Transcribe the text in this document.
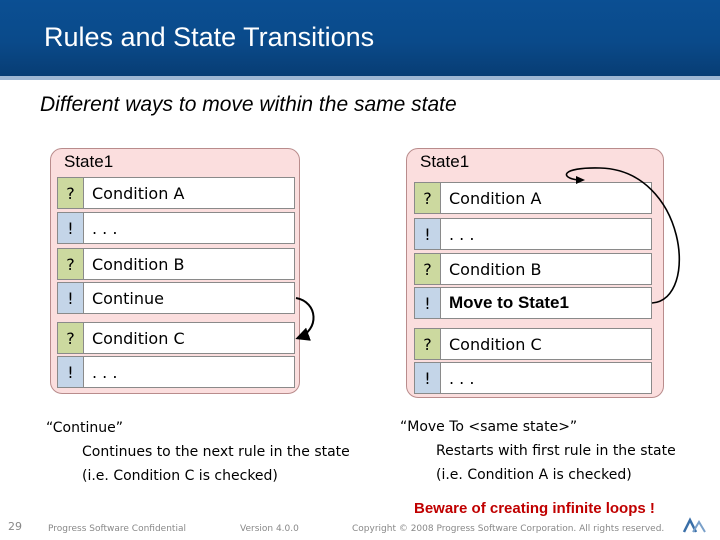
Rules and State Transitions
Different ways to move within the same state
State1
?	Condition A
!	. . .
?	Condition B
!	Continue
?	Condition C
!	. . .
State1
?	Condition A
!	. . .
?	Condition B
!	Move to State1
?	Condition C
!	. . .
“Continue”
Continues to the next rule in the state
(i.e. Condition C is checked)
“Move To <same state>”
Restarts with first rule in the state
(i.e. Condition A is checked)
Beware of creating infinite loops !
29	Progress Software Confidential	Version 4.0.0	Copyright © 2008 Progress Software Corporation. All rights reserved.
